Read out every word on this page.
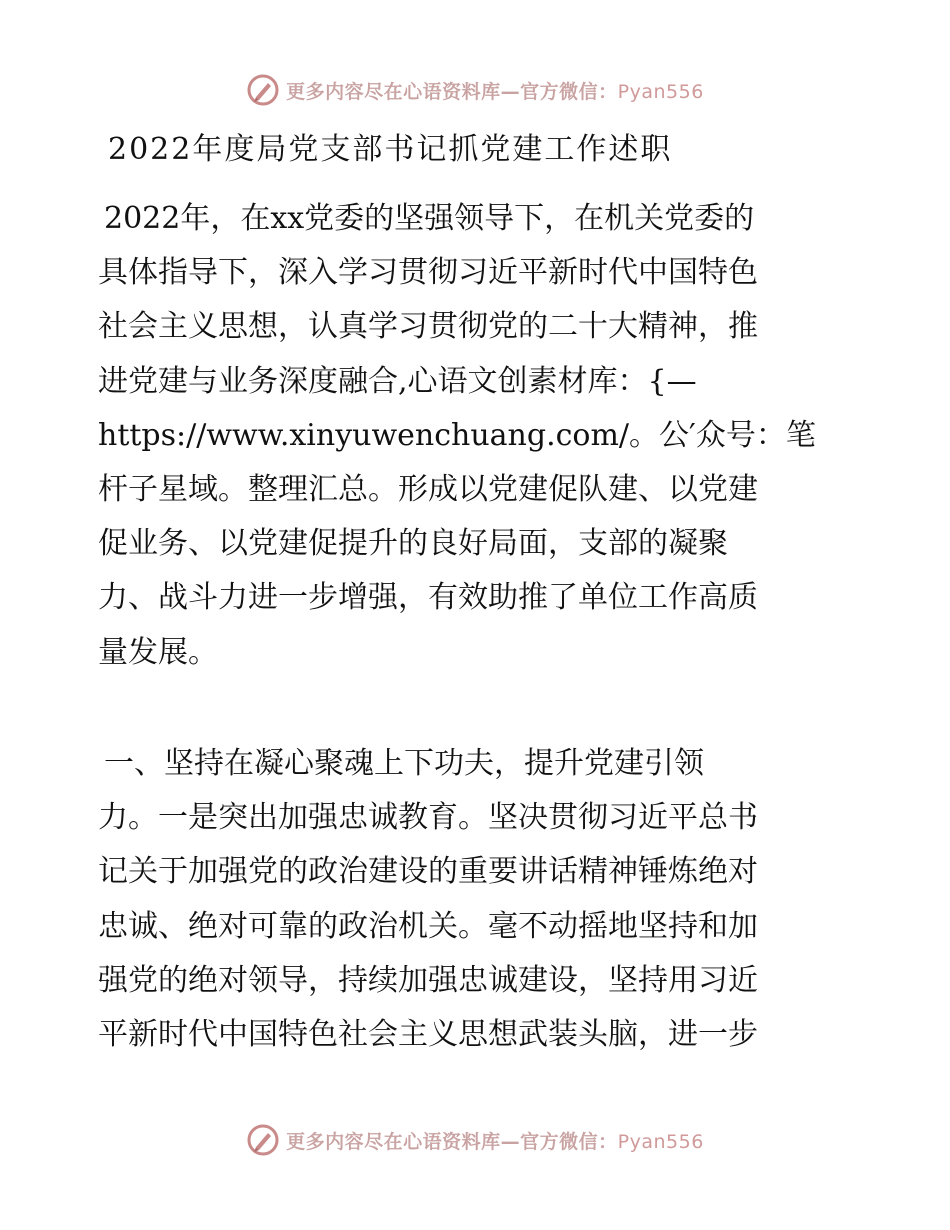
更多内容尽在心语资料库—官方微信：Pyan556
2022年度局党支部书记抓党建工作述职
2022年，在xx党委的坚强领导下，在机关党委的
具体指导下，深入学习贯彻习近平新时代中国特色
社会主义思想，认真学习贯彻党的二十大精神，推
进党建与业务深度融合,心语文创素材库：{—
https://www.xinyuwenchuang.com/。公′众号：笔
杆子星域。整理汇总。形成以党建促队建、以党建
促业务、以党建促提升的良好局面，支部的凝聚
力、战斗力进一步增强，有效助推了单位工作高质
量发展。
一、坚持在凝心聚魂上下功夫，提升党建引领
力。一是突出加强忠诚教育。坚决贯彻习近平总书
记关于加强党的政治建设的重要讲话精神锤炼绝对
忠诚、绝对可靠的政治机关。毫不动摇地坚持和加
强党的绝对领导，持续加强忠诚建设，坚持用习近
平新时代中国特色社会主义思想武装头脑，进一步
更多内容尽在心语资料库—官方微信：Pyan556
